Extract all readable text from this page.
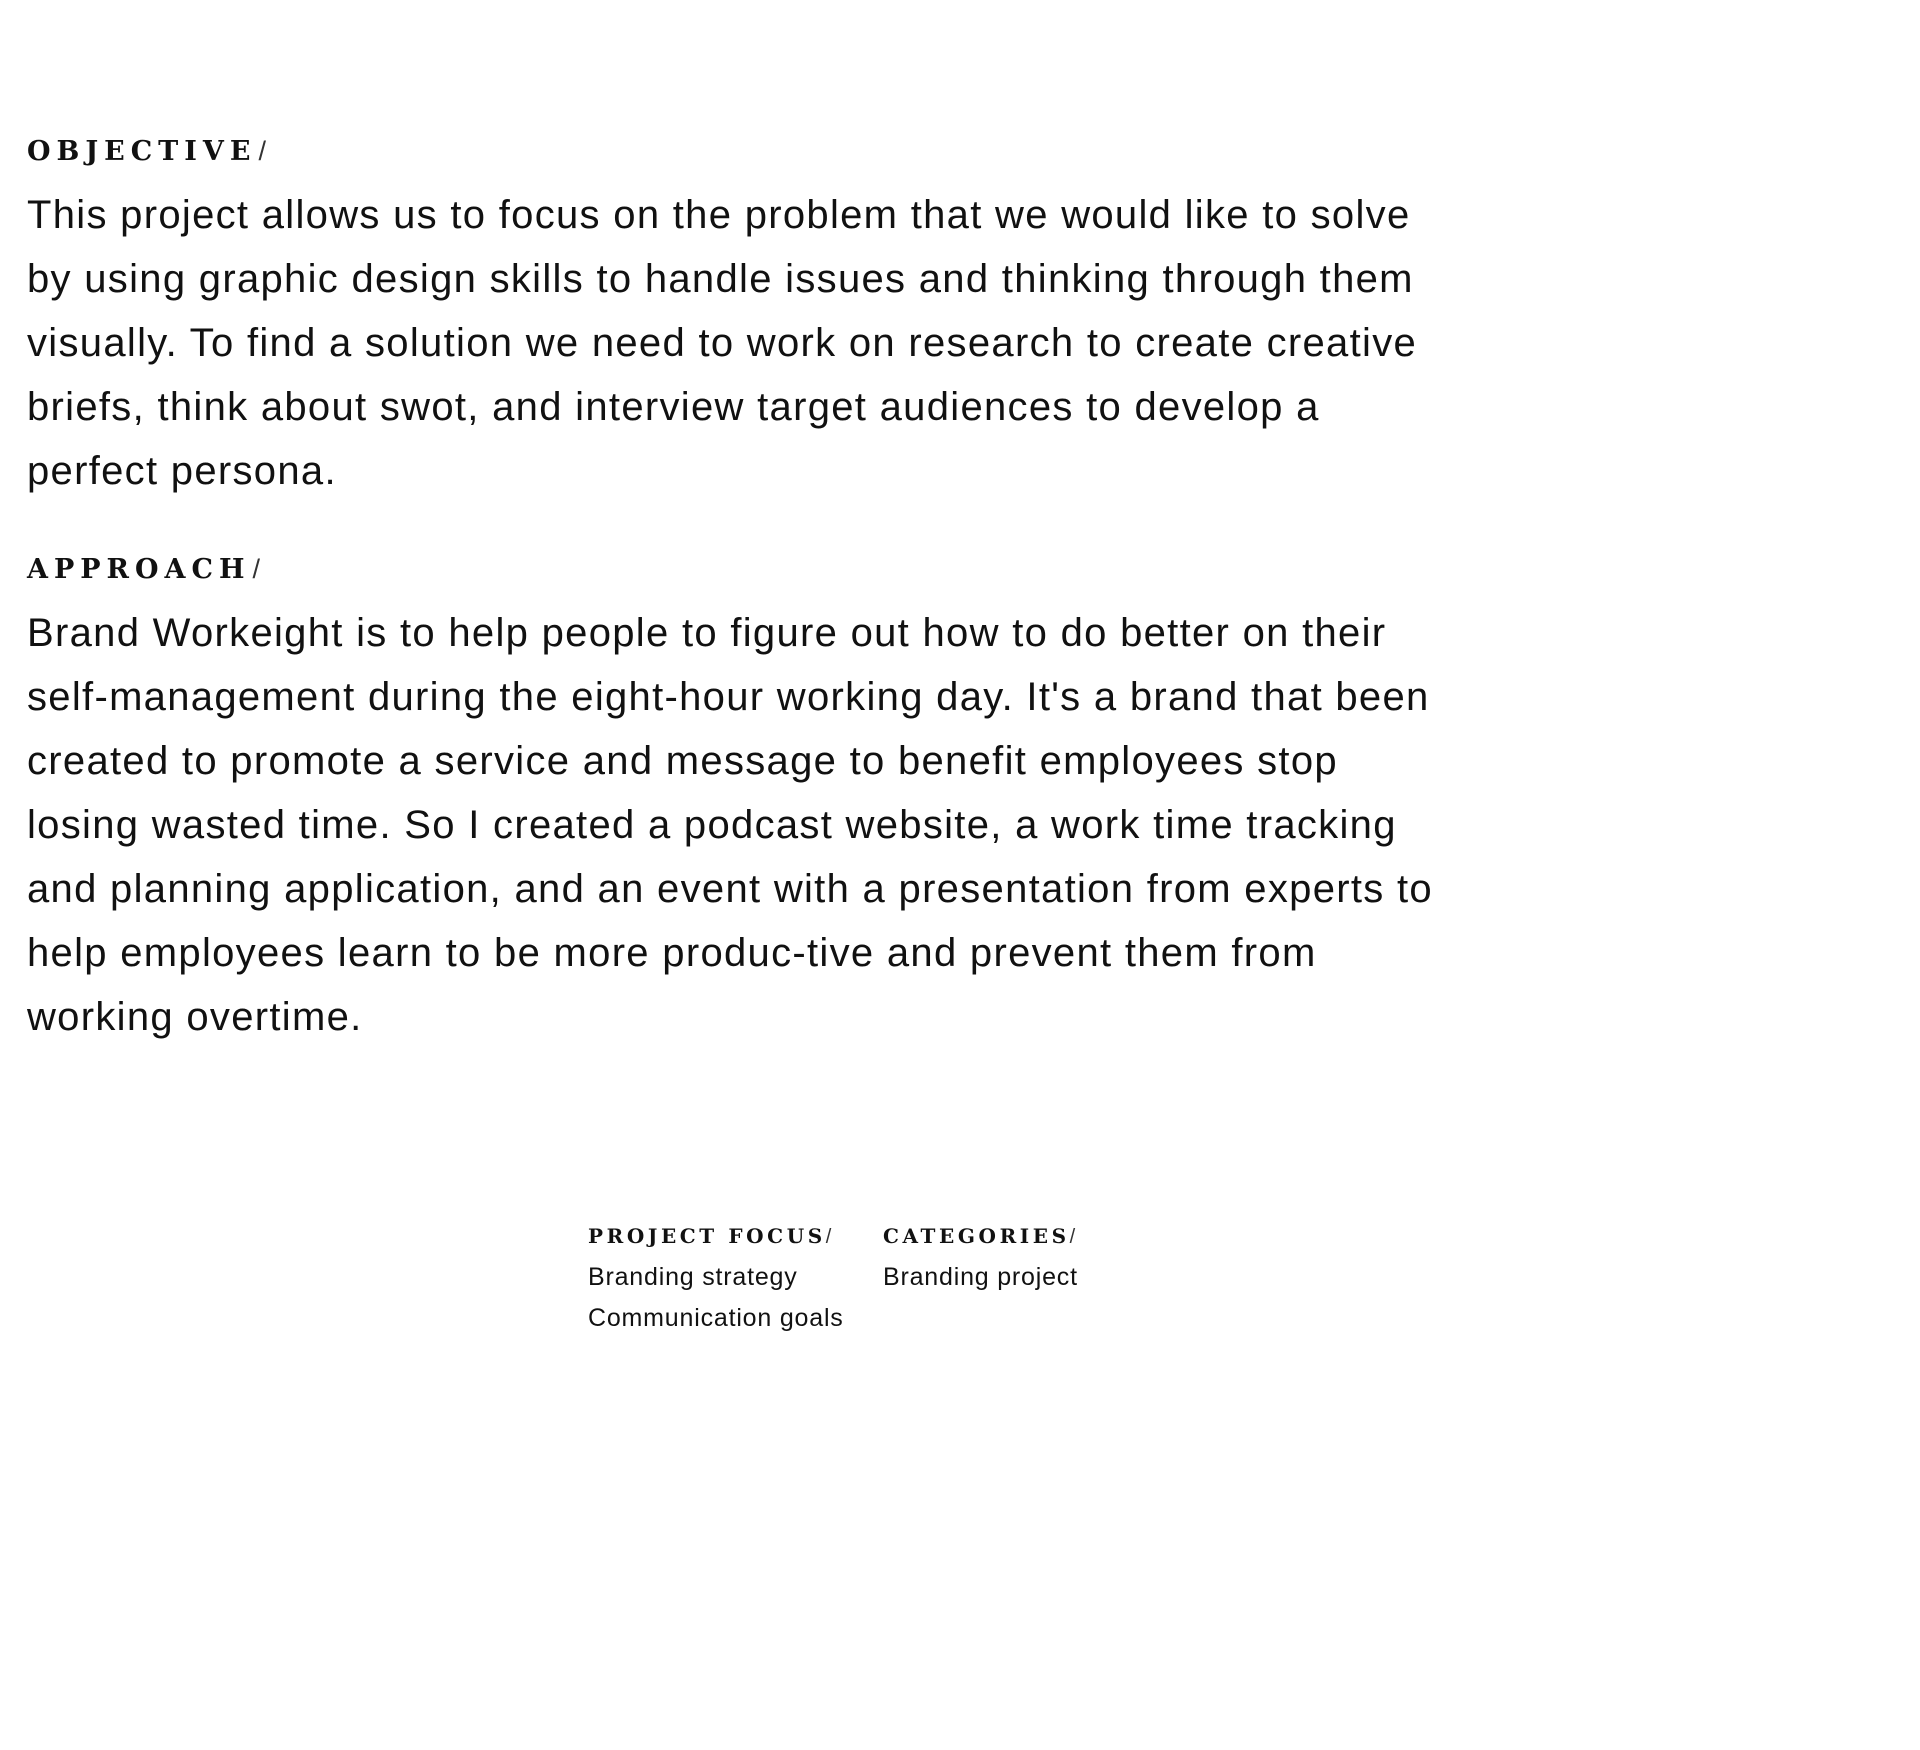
OBJECTIVE/

This project allows us to focus on the problem that we would like to solve by using graphic design skills to handle issues and thinking through them visually. To find a solution we need to work on research to create creative briefs, think about swot, and interview target audiences to develop a perfect persona.

APPROACH/

Brand Workeight is to help people to figure out how to do better on their self-management during the eight-hour working day. It's a brand that been created to promote a service and message to benefit employees stop losing wasted time. So I created a podcast website, a work time tracking and planning application, and an event with a presentation from experts to help employees learn to be more produc-tive and prevent them from working overtime.

PROJECT FOCUS/
Branding strategy
Communication goals
CATEGORIES/
Branding project
